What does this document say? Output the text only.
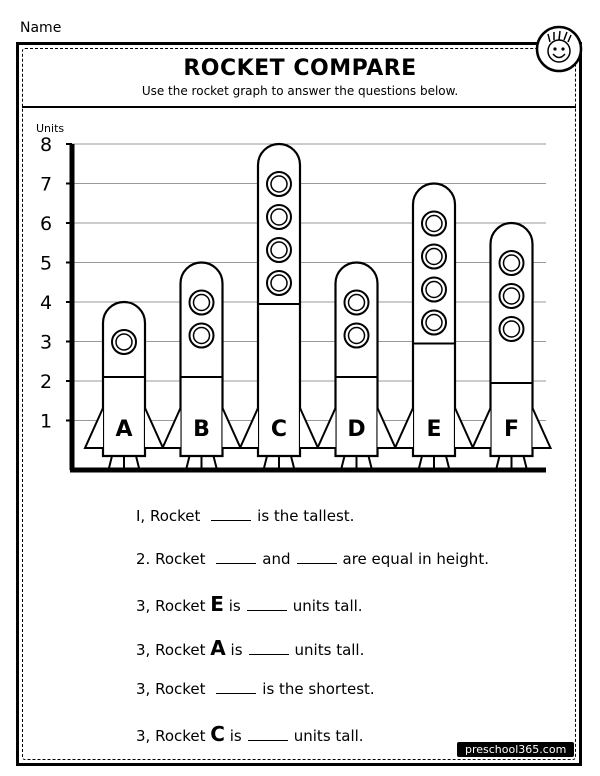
Name
ROCKET COMPARE
Use the rocket graph to answer the questions below.
Units
1
2
3
4
5
6
7
8
A	B	C	D	E	F
I, Rocket	is the tallest.
2. Rocket	and	are equal in height.
3, Rocket E is	units tall.
3, Rocket A is	units tall.
3, Rocket	is the shortest.
3, Rocket C is	units tall.
preschool365.com
